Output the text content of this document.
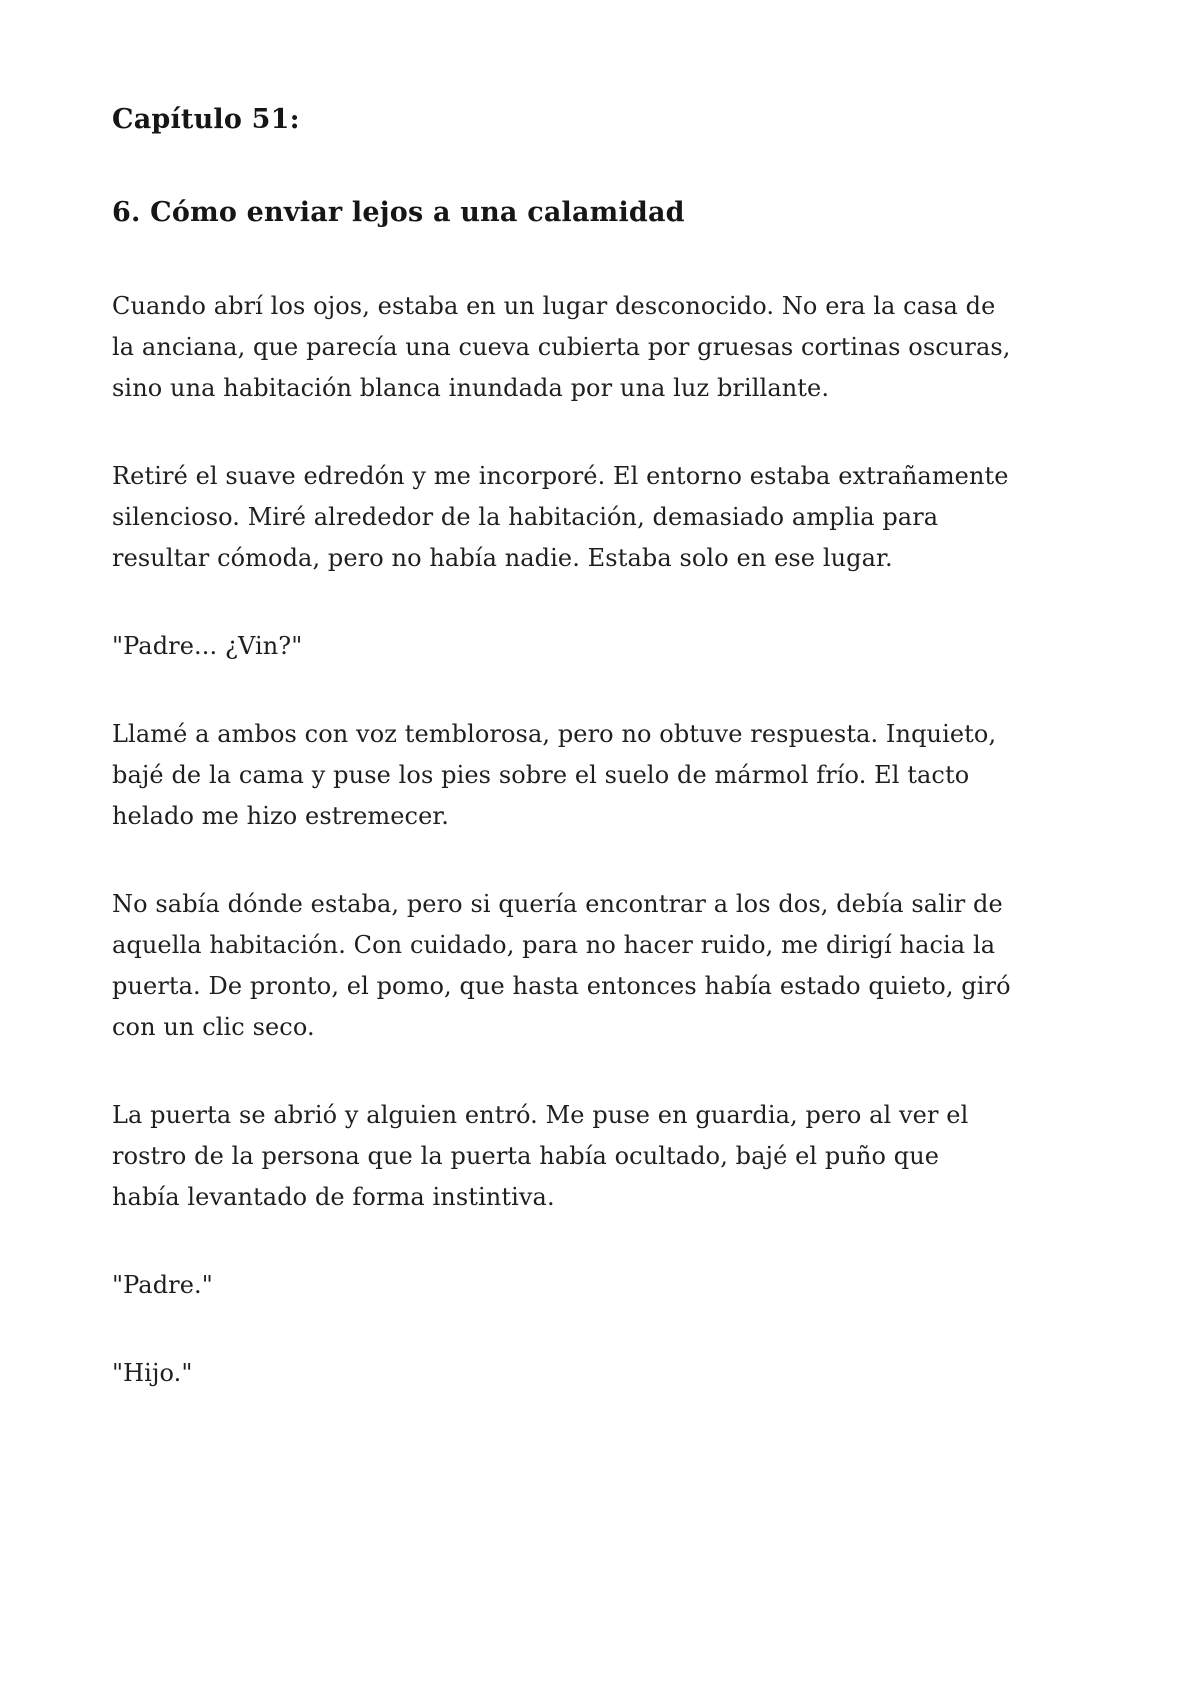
Capítulo 51:
6. Cómo enviar lejos a una calamidad

Cuando abrí los ojos, estaba en un lugar desconocido. No era la casa de la anciana, que parecía una cueva cubierta por gruesas cortinas oscuras, sino una habitación blanca inundada por una luz brillante.

Retiré el suave edredón y me incorporé. El entorno estaba extrañamente silencioso. Miré alrededor de la habitación, demasiado amplia para resultar cómoda, pero no había nadie. Estaba solo en ese lugar.

"Padre... ¿Vin?"

Llamé a ambos con voz temblorosa, pero no obtuve respuesta. Inquieto, bajé de la cama y puse los pies sobre el suelo de mármol frío. El tacto helado me hizo estremecer.

No sabía dónde estaba, pero si quería encontrar a los dos, debía salir de aquella habitación. Con cuidado, para no hacer ruido, me dirigí hacia la puerta. De pronto, el pomo, que hasta entonces había estado quieto, giró con un clic seco.

La puerta se abrió y alguien entró. Me puse en guardia, pero al ver el rostro de la persona que la puerta había ocultado, bajé el puño que había levantado de forma instintiva.

"Padre."

"Hijo."
